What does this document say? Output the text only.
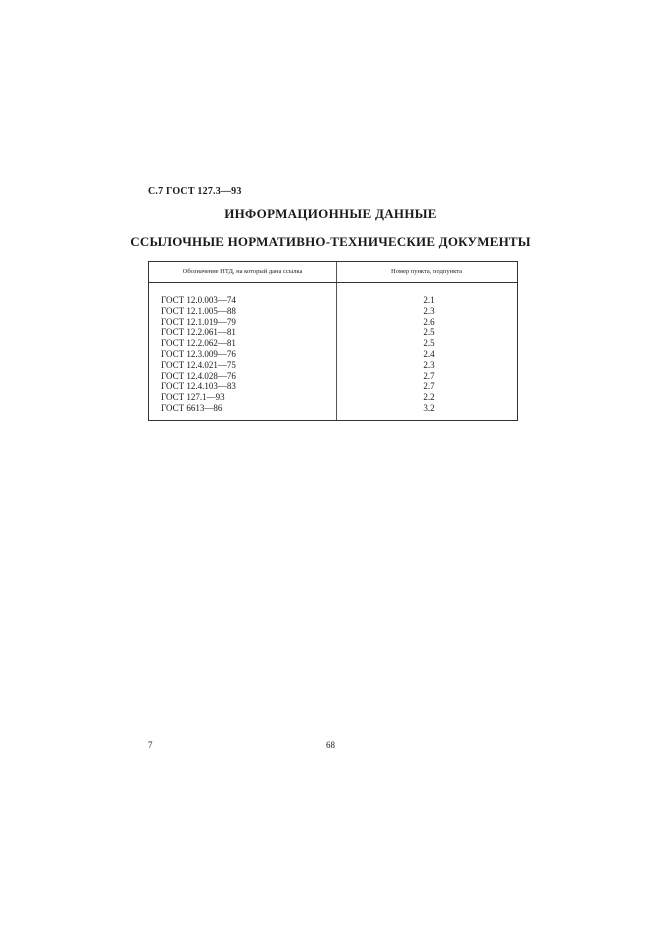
С.7 ГОСТ 127.3—93
ИНФОРМАЦИОННЫЕ ДАННЫЕ
ССЫЛОЧНЫЕ НОРМАТИВНО-ТЕХНИЧЕСКИЕ ДОКУМЕНТЫ
Обозначение НТД, на который дана ссылка	Номер пункта, подпункта
ГОСТ 12.0.003—74	2.1
ГОСТ 12.1.005—88	2.3
ГОСТ 12.1.019—79	2.6
ГОСТ 12.2.061—81	2.5
ГОСТ 12.2.062—81	2.5
ГОСТ 12.3.009—76	2.4
ГОСТ 12.4.021—75	2.3
ГОСТ 12.4.028—76	2.7
ГОСТ 12.4.103—83	2.7
ГОСТ 127.1—93	2.2
ГОСТ 6613—86	3.2
7	68
